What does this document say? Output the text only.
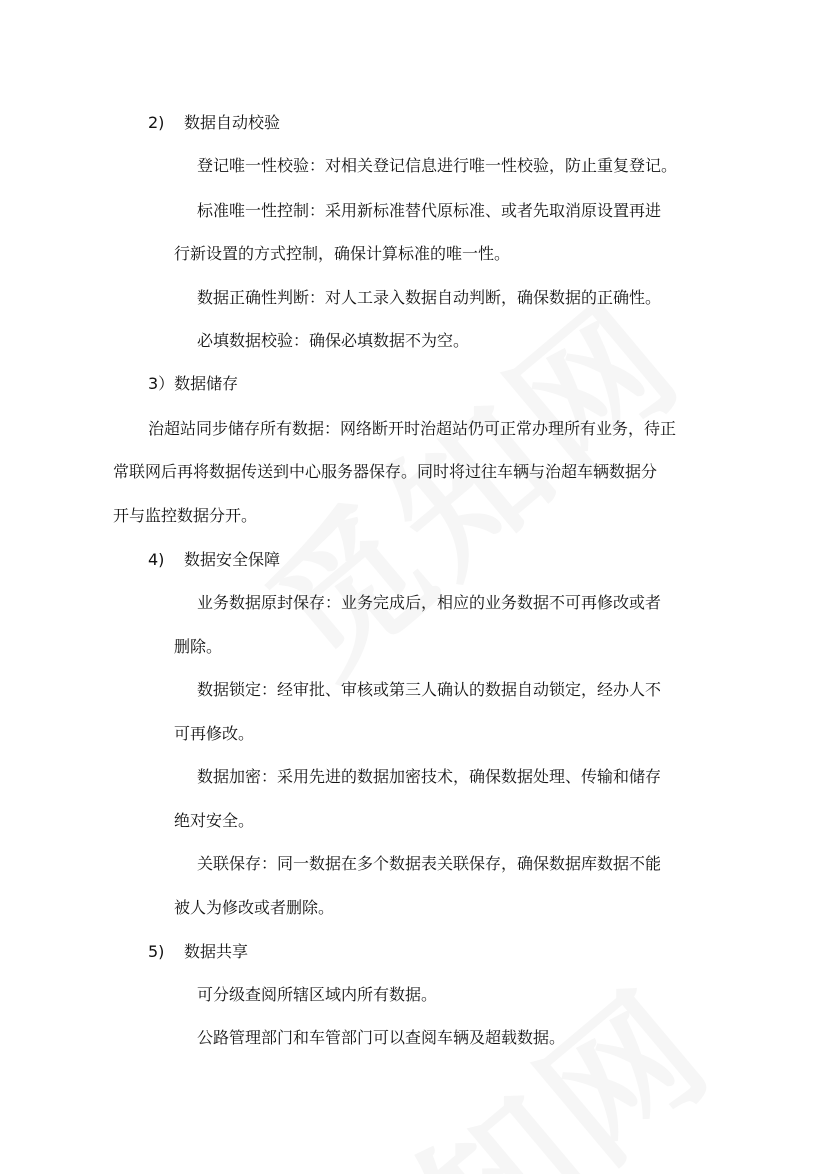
2) 数据自动校验
登记唯一性校验：对相关登记信息进行唯一性校验，防止重复登记。
标准唯一性控制：采用新标准替代原标准、或者先取消原设置再进
行新设置的方式控制，确保计算标准的唯一性。
数据正确性判断：对人工录入数据自动判断，确保数据的正确性。
必填数据校验：确保必填数据不为空。
3）数据储存
治超站同步储存所有数据：网络断开时治超站仍可正常办理所有业务，待正
常联网后再将数据传送到中心服务器保存。同时将过往车辆与治超车辆数据分
开与监控数据分开。
4) 数据安全保障
业务数据原封保存：业务完成后，相应的业务数据不可再修改或者
删除。
数据锁定：经审批、审核或第三人确认的数据自动锁定，经办人不
可再修改。
数据加密：采用先进的数据加密技术，确保数据处理、传输和储存
绝对安全。
关联保存：同一数据在多个数据表关联保存，确保数据库数据不能
被人为修改或者删除。
5) 数据共享
可分级查阅所辖区域内所有数据。
公路管理部门和车管部门可以查阅车辆及超载数据。
